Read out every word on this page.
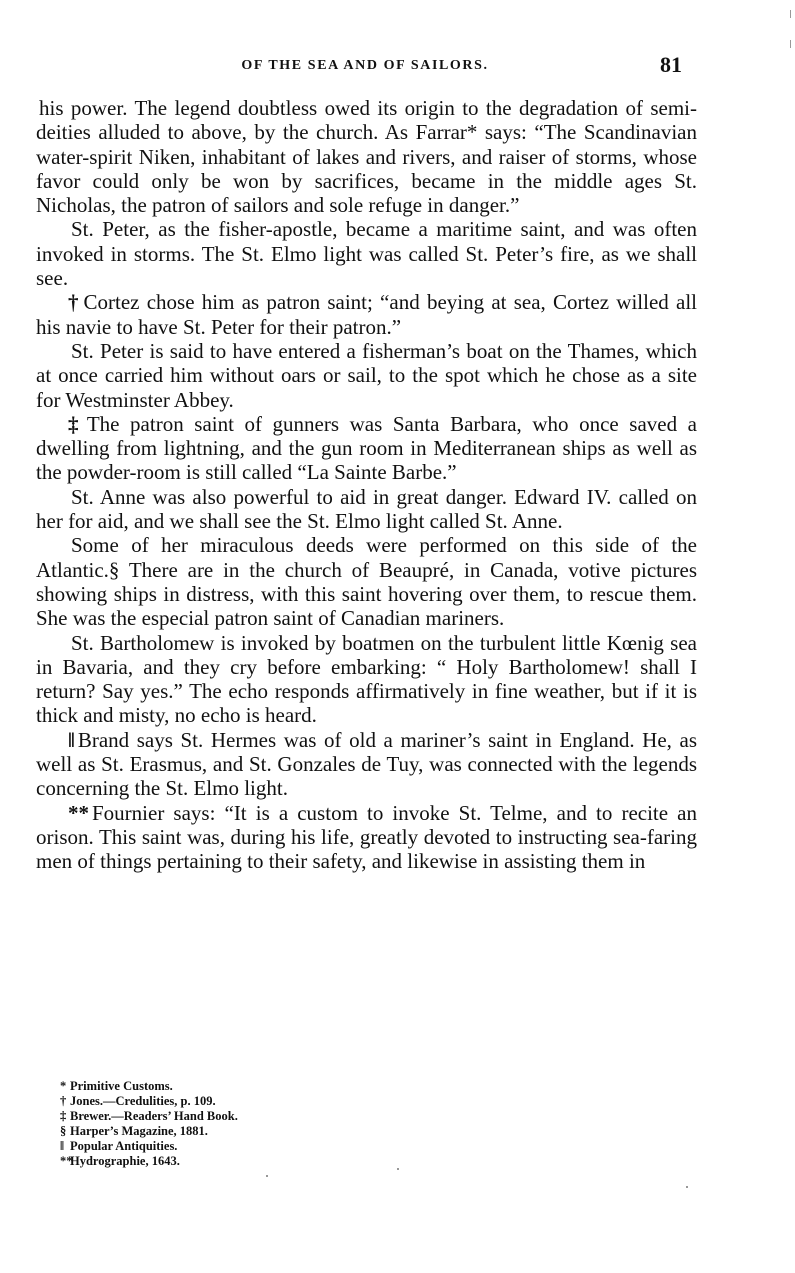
OF THE SEA AND OF SAILORS.	81

his power. The legend doubtless owed its origin to the degradation of semi-deities alluded to above, by the church. As Farrar* says: “The Scandinavian water-spirit Niken, inhabitant of lakes and rivers, and raiser of storms, whose favor could only be won by sacrifices, became in the middle ages St. Nicholas, the patron of sailors and sole refuge in danger.”

St. Peter, as the fisher-apostle, became a maritime saint, and was often invoked in storms. The St. Elmo light was called St. Peter’s fire, as we shall see.

† Cortez chose him as patron saint; “and beying at sea, Cortez willed all his navie to have St. Peter for their patron.”

St. Peter is said to have entered a fisherman’s boat on the Thames, which at once carried him without oars or sail, to the spot which he chose as a site for Westminster Abbey.

‡ The patron saint of gunners was Santa Barbara, who once saved a dwelling from lightning, and the gun room in Mediterranean ships as well as the powder-room is still called “La Sainte Barbe.”

St. Anne was also powerful to aid in great danger. Edward IV. called on her for aid, and we shall see the St. Elmo light called St. Anne.

Some of her miraculous deeds were performed on this side of the Atlantic.§ There are in the church of Beaupré, in Canada, votive pictures showing ships in distress, with this saint hovering over them, to rescue them. She was the especial patron saint of Canadian mariners.

St. Bartholomew is invoked by boatmen on the turbulent little Kœnig sea in Bavaria, and they cry before embarking: “ Holy Bartholomew! shall I return? Say yes.” The echo responds affirmatively in fine weather, but if it is thick and misty, no echo is heard.

‖ Brand says St. Hermes was of old a mariner’s saint in England. He, as well as St. Erasmus, and St. Gonzales de Tuy, was connected with the legends concerning the St. Elmo light.

** Fournier says: “It is a custom to invoke St. Telme, and to recite an orison. This saint was, during his life, greatly devoted to instructing sea-faring men of things pertaining to their safety, and likewise in assisting them in

* Primitive Customs.
† Jones.—Credulities, p. 109.
‡ Brewer.—Readers’ Hand Book.
§ Harper’s Magazine, 1881.
‖ Popular Antiquities.
**Hydrographie, 1643.
